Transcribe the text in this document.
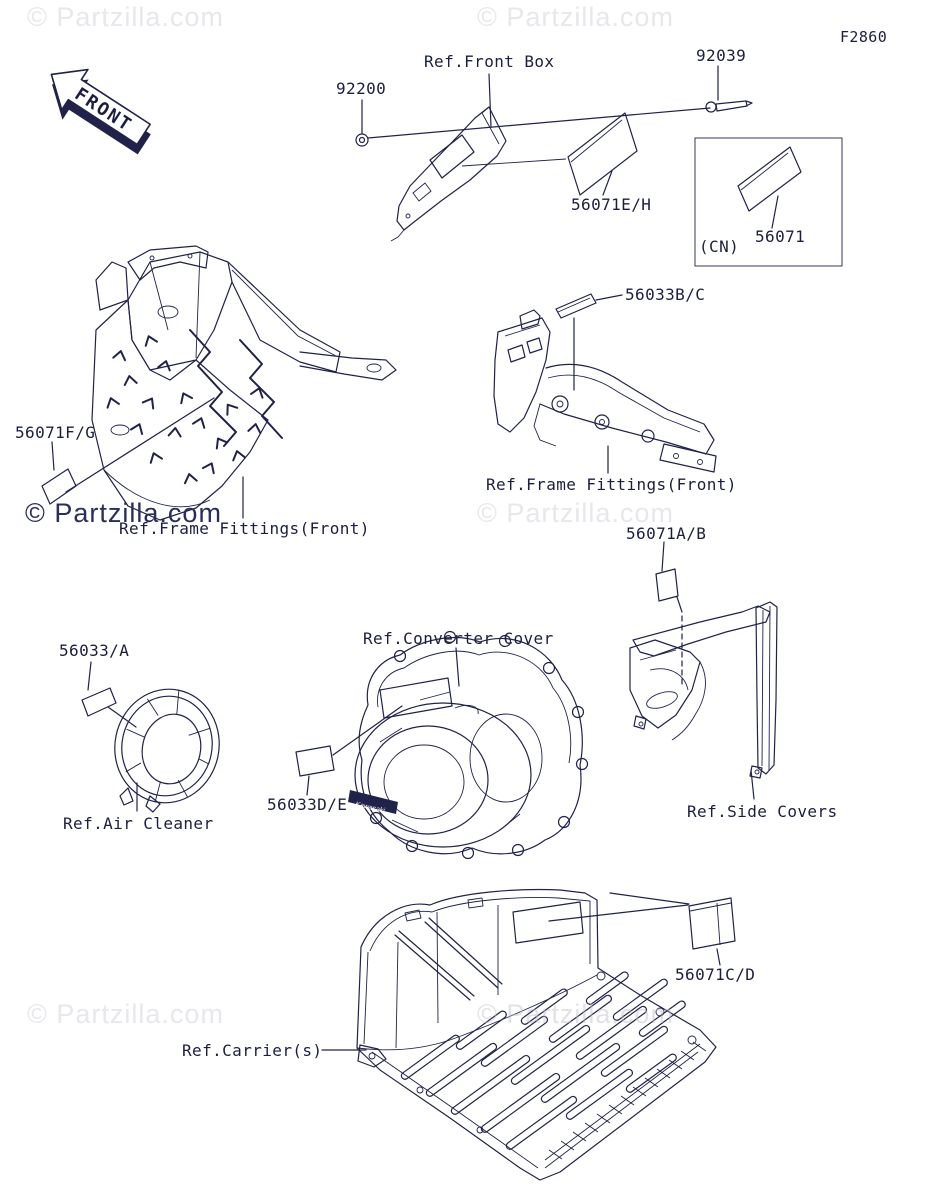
© Partzilla.com	© Partzilla.com
© Partzilla.com
© Partzilla.com
FRONT
Kawasaki
F2860
Ref.Front Box
92200
92039
56071E/H
(CN)
56071
56033B/C
Ref.Frame Fittings(Front)
56071F/G
Ref.Frame Fittings(Front)	56071A/B
Ref.Side Covers
56033/A
Ref.Air Cleaner
Ref.Converter Cover
56033D/E
Ref.Carrier(s)
56071C/D
© Partzilla.com
© Partzilla.com
